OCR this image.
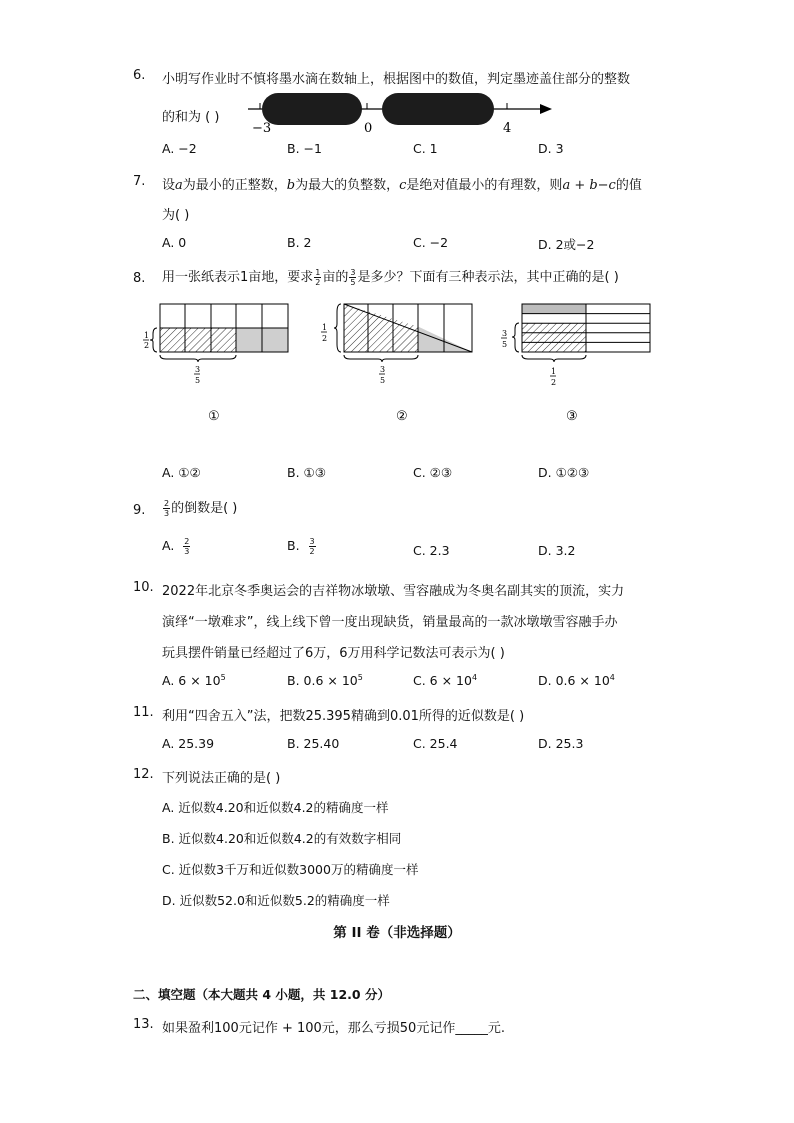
6. 小明写作业时不慎将墨水滴在数轴上，根据图中的数值，判定墨迹盖住部分的整数
的和为 ( )
−3	0	4
A. −2	B. −1	C. 1	D. 3
7. 设a为最小的正整数，b为最大的负整数，c是绝对值最小的有理数，则a + b−c的值
为( )
A. 0	B. 2	C. −2	D. 2或−2
8. 用一张纸表示1亩地，要求 $\frac{1}{2}$ 亩的 $\frac{3}{5}$ 是多少？下面有三种表示法，其中正确的是( )
1
2
3
5
①
1
2
3
5
②
3
5
1
2
③
A. ①②	B. ①③	C. ②③	D. ①②③
9. $\frac{2}{3}$ 的倒数是( )
A. $\frac{2}{3}$	B. $\frac{3}{2}$	C. 2.3	D. 3.2
10. 2022年北京冬季奥运会的吉祥物冰墩墩、雪容融成为冬奥名副其实的顶流，实力
演绎“一墩难求”，线上线下曾一度出现缺货，销量最高的一款冰墩墩雪容融手办
玩具摆件销量已经超过了6万，6万用科学记数法可表示为( )
A. $6 \times 10^5$	B. $0.6 \times 10^5$	C. $6 \times 10^4$	D. $0.6 \times 10^4$
11. 利用“四舍五入”法，把数25.395精确到0.01所得的近似数是( )
A. 25.39	B. 25.40	C. 25.4	D. 25.3
12. 下列说法正确的是( )
A. 近似数4.20和近似数4.2的精确度一样
B. 近似数4.20和近似数4.2的有效数字相同
C. 近似数3千万和近似数3000万的精确度一样
D. 近似数52.0和近似数5.2的精确度一样
第 II 卷（非选择题）
二、填空题（本大题共 4 小题，共 12.0 分）
13. 如果盈利100元记作 + 100元，那么亏损50元记作_____元.
